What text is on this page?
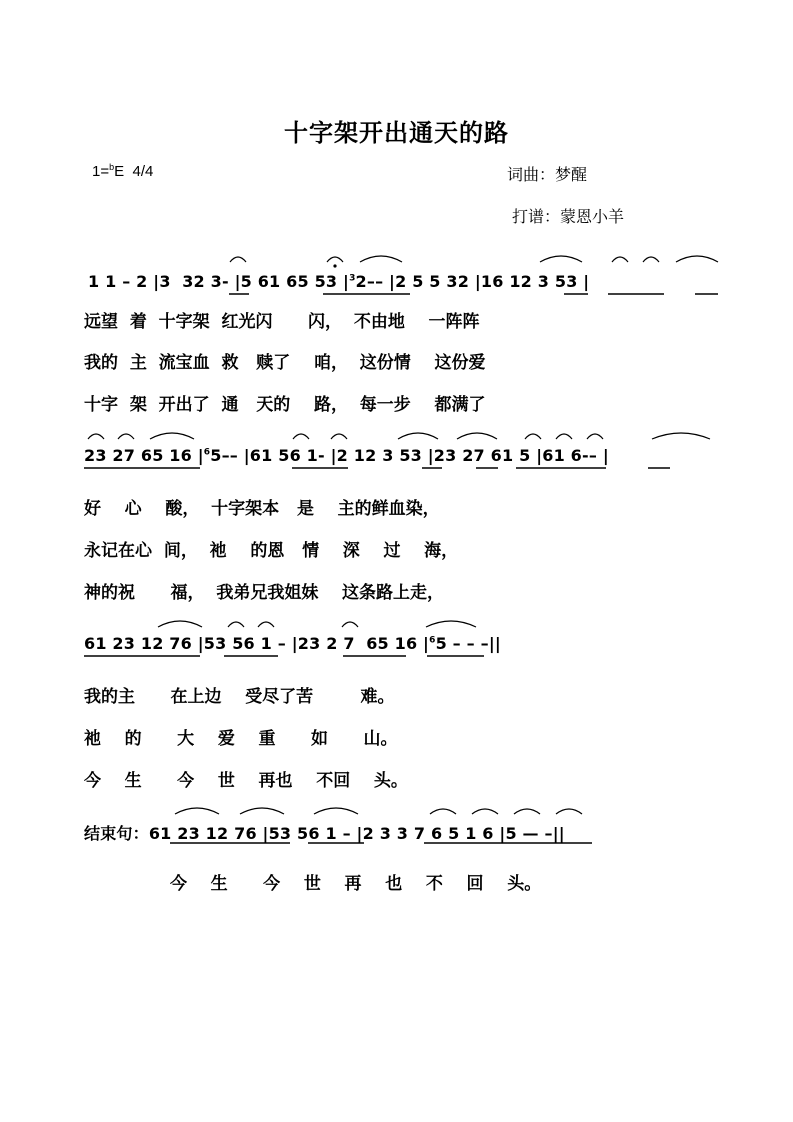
十字架开出通天的路
1=$^b$E 4/4	词曲：梦醒
打谱：蒙恩小羊
1 1 – 2 |3  32 3- |5 61 65 53 $|^32--$ |2 5 5 32 |16 12 3 53 |
远望  着  十字架  红光闪      闪，  不由地    一阵阵
我的  主  流宝血  救   赎了    咱，  这份情    这份爱
十字  架  开出了  通   天的    路，  每一步    都满了
23 27 65 16 $|^65--$ |61 56 1- |2 12 3 53 |23 27 61 5 |61 6-– |
好    心    酸，  十字架本   是    主的鲜血染，
永记在心  间，  祂    的恩   情    深    过    海，
神的祝      福，  我弟兄我姐妹    这条路上走，
61 23 12 76 |53 56 1 – |23 2 7  65 16 $|^65$ – – –||
我的主      在上边    受尽了苦        难。
祂    的      大    爱    重      如      山。
今    生      今    世    再也    不回    头。
结束句：61 23 12 76 |53 56 1 – |2 3 3 7 6 5 1 6 |5 — –||
今    生      今    世    再    也    不    回    头。
